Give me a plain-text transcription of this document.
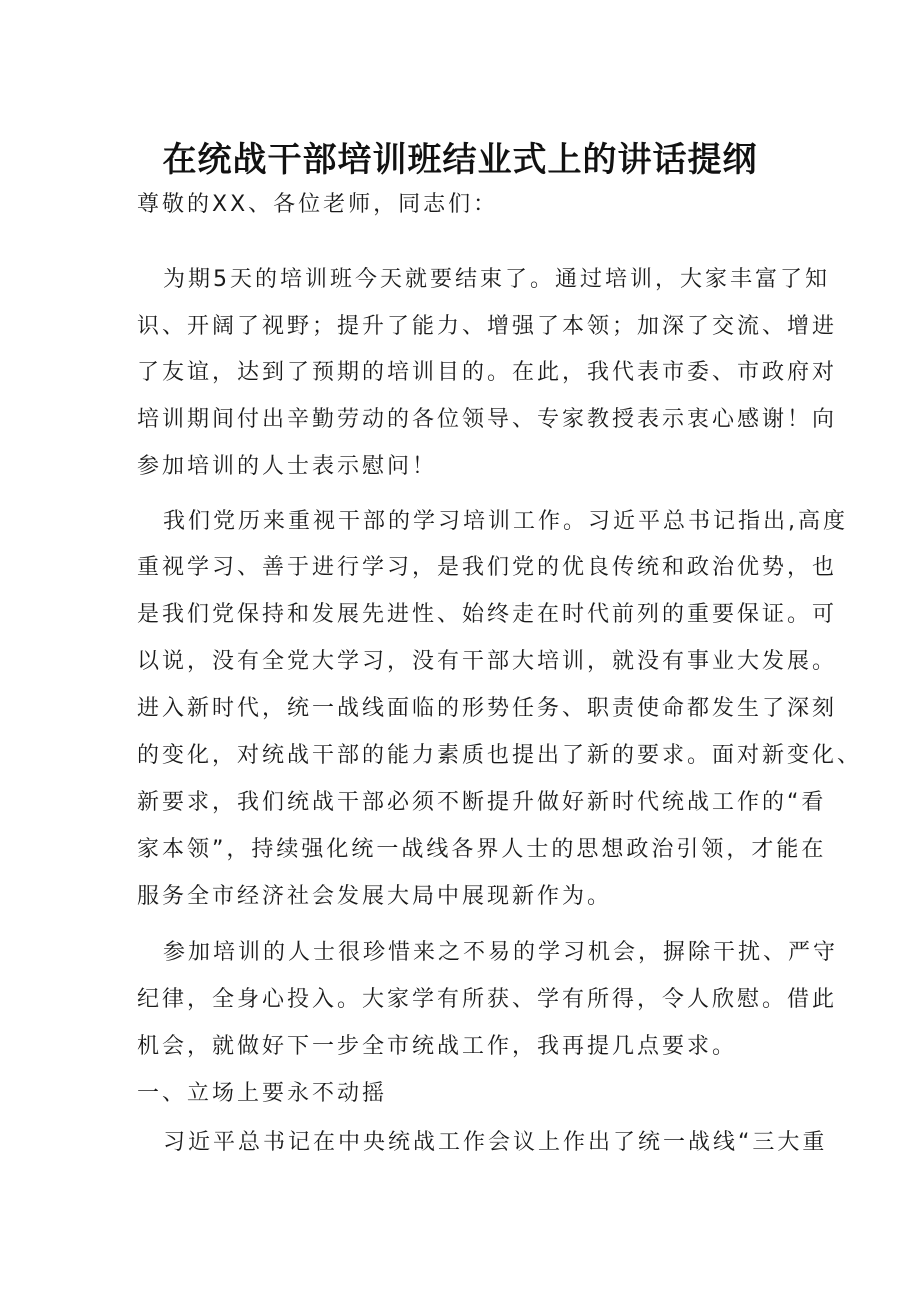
在统战干部培训班结业式上的讲话提纲
尊敬的XX、各位老师，同志们：
为期5天的培训班今天就要结束了。通过培训，大家丰富了知
识、开阔了视野；提升了能力、增强了本领；加深了交流、增进
了友谊，达到了预期的培训目的。在此，我代表市委、市政府对
培训期间付出辛勤劳动的各位领导、专家教授表示衷心感谢！向
参加培训的人士表示慰问！
我们党历来重视干部的学习培训工作。习近平总书记指出,高度
重视学习、善于进行学习，是我们党的优良传统和政治优势，也
是我们党保持和发展先进性、始终走在时代前列的重要保证。可
以说，没有全党大学习，没有干部大培训，就没有事业大发展。
进入新时代，统一战线面临的形势任务、职责使命都发生了深刻
的变化，对统战干部的能力素质也提出了新的要求。面对新变化、
新要求，我们统战干部必须不断提升做好新时代统战工作的“看
家本领”，持续强化统一战线各界人士的思想政治引领，才能在
服务全市经济社会发展大局中展现新作为。
参加培训的人士很珍惜来之不易的学习机会，摒除干扰、严守
纪律，全身心投入。大家学有所获、学有所得，令人欣慰。借此
机会，就做好下一步全市统战工作，我再提几点要求。
一、立场上要永不动摇
习近平总书记在中央统战工作会议上作出了统一战线“三大重
